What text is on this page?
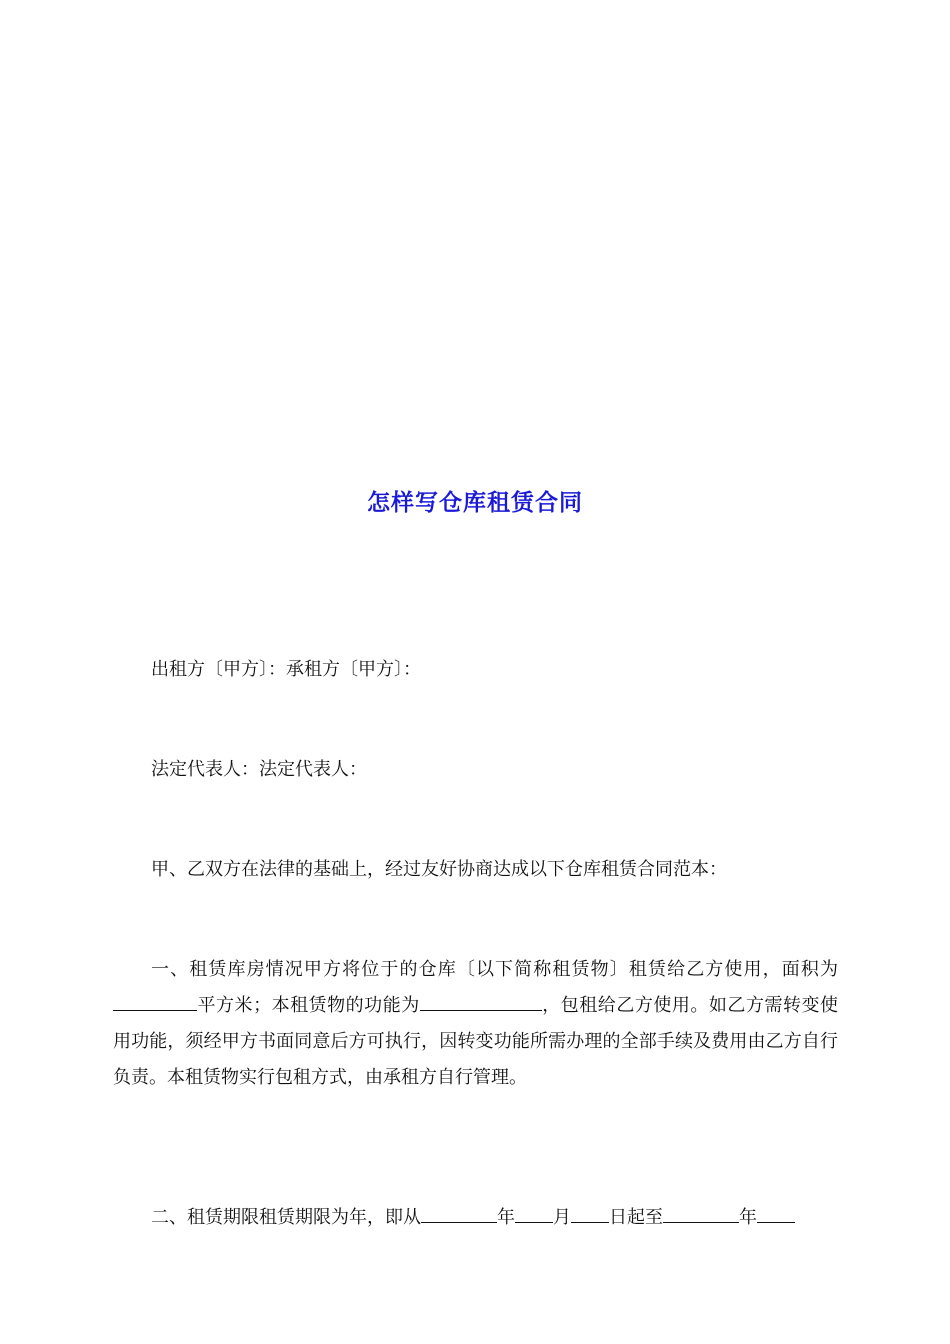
怎样写仓库租赁合同
出租方〔甲方〕：承租方〔甲方〕：
法定代表人：法定代表人：
甲、乙双方在法律的基础上，经过友好协商达成以下仓库租赁合同范本：
一、租赁库房情况甲方将位于的仓库〔以下简称租赁物〕租赁给乙方使用，面积为平方米；本租赁物的功能为	，包租给乙方使用。如乙方需转变使用功能，须经甲方书面同意后方可执行，因转变功能所需办理的全部手续及费用由乙方自行负责。本租赁物实行包租方式，由承租方自行管理。
二、租赁期限租赁期限为年，即从	年 月 日起至	年
